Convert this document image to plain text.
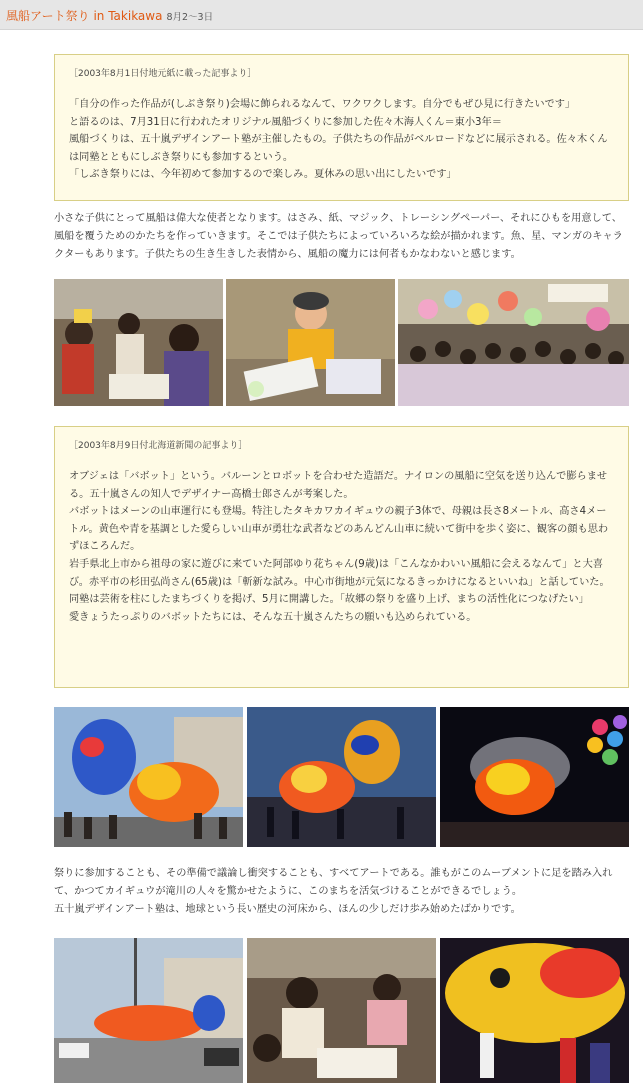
風船アート祭り in Takikawa 8月2〜3日
［2003年8月1日付地元紙に載った記事より］

「自分の作った作品が(しぶき祭り)会場に飾られるなんて、ワクワクします。自分でもぜひ見に行きたいです」

と語るのは、7月31日に行われたオリジナル風船づくりに参加した佐々木海人くん＝東小3年＝

風船づくりは、五十嵐デザインアート塾が主催したもの。子供たちの作品がベルロードなどに展示される。佐々木くんは同塾とともにしぶき祭りにも参加するという。

「しぶき祭りには、今年初めて参加するので楽しみ。夏休みの思い出にしたいです」

小さな子供にとって風船は偉大な使者となります。はさみ、紙、マジック、トレーシングペーパー、それにひもを用意して、風船を覆うためのかたちを作っていきます。そこでは子供たちによっていろいろな絵が描かれます。魚、星、マンガのキャラクターもあります。子供たちの生き生きした表情から、風船の魔力には何者もかなわないと感じます。

［2003年8月9日付北海道新聞の記事より］

オブジェは「バボット」という。バルーンとロボットを合わせた造語だ。ナイロンの風船に空気を送り込んで膨らませる。五十嵐さんの知人でデザイナー高橋士郎さんが考案した。

バボットはメーンの山車運行にも登場。特注したタキカワカイギュウの親子3体で、母親は長さ8メートル、高さ4メートル。黄色や青を基調とした愛らしい山車が勇壮な武者などのあんどん山車に続いて街中を歩く姿に、観客の顔も思わずほころんだ。

岩手県北上市から祖母の家に遊びに来ていた阿部ゆり花ちゃん(9歳)は「こんなかわいい風船に会えるなんて」と大喜び。赤平市の杉田弘尚さん(65歳)は「斬新な試み。中心市街地が元気になるきっかけになるといいね」と話していた。

同塾は芸術を柱にしたまちづくりを掲げ、5月に開講した。「故郷の祭りを盛り上げ、まちの活性化につなげたい」

愛きょうたっぷりのバボットたちには、そんな五十嵐さんたちの願いも込められている。

祭りに参加することも、その準備で議論し衝突することも、すべてアートである。誰もがこのムーブメントに足を踏み入れて、かつてカイギュウが滝川の人々を驚かせたように、このまちを活気づけることができるでしょう。

五十嵐デザインアート塾は、地球という長い歴史の河床から、ほんの少しだけ歩み始めたばかりです。
